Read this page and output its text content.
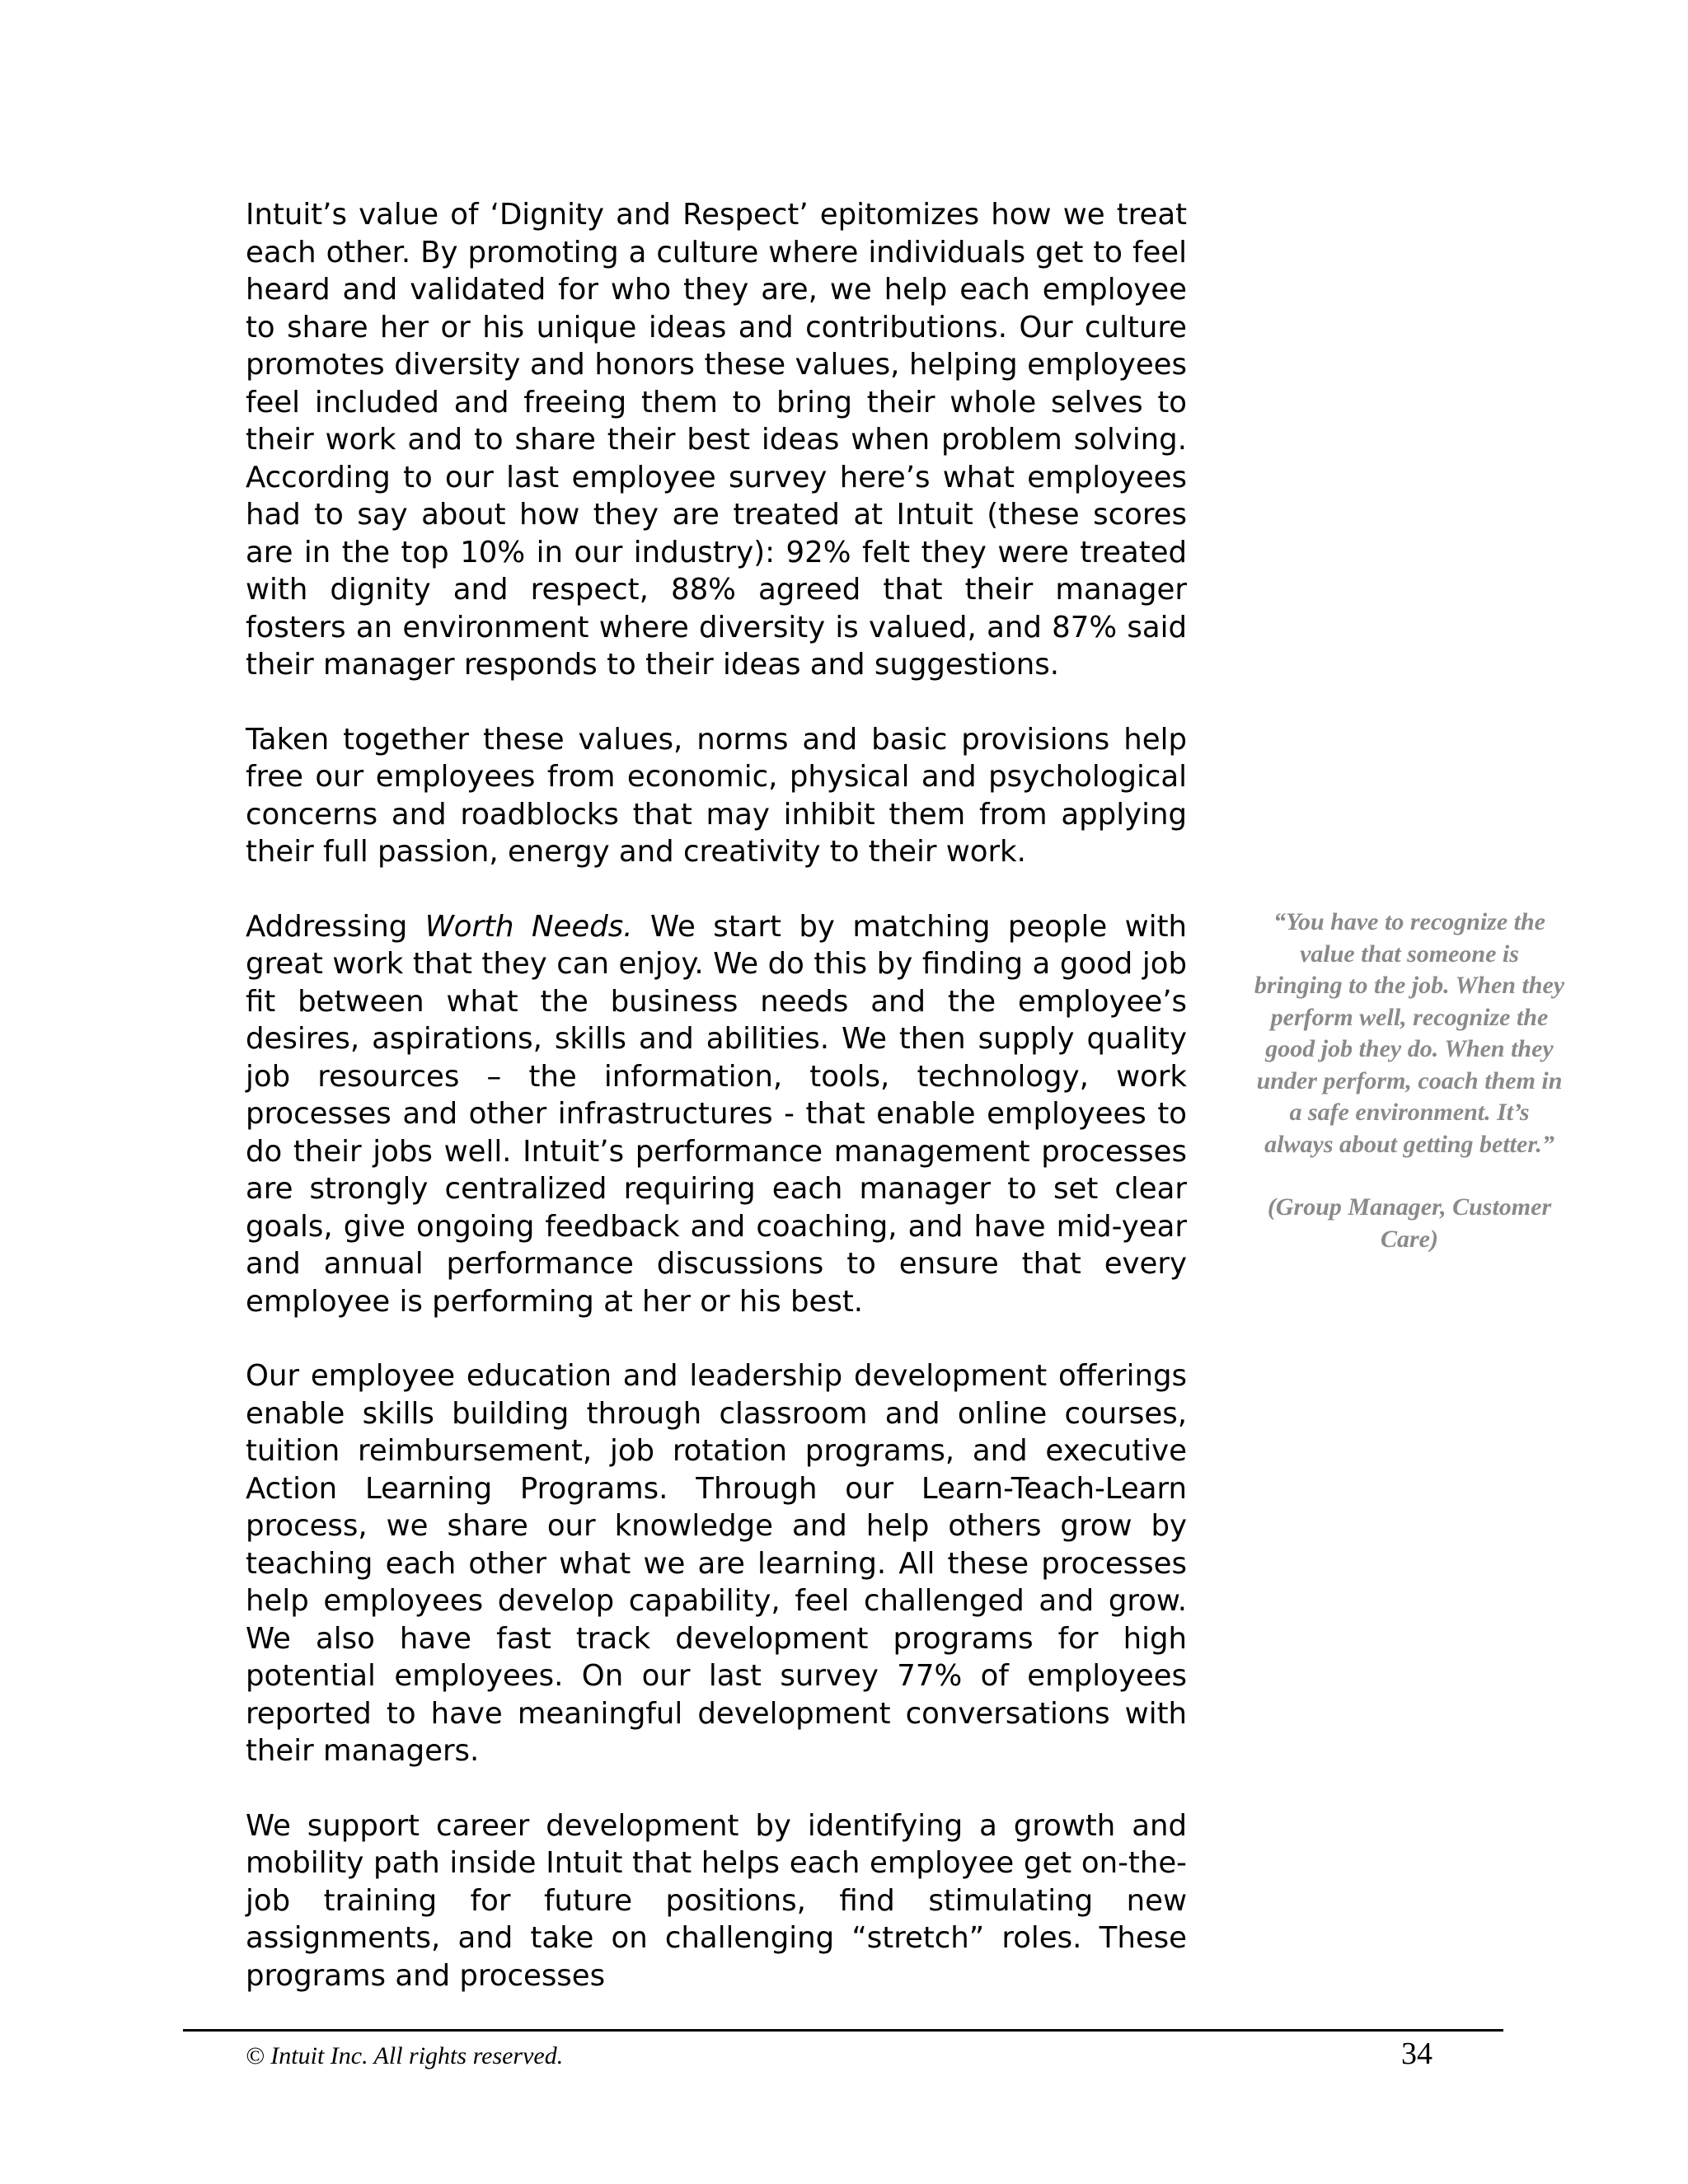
Intuit’s value of ‘Dignity and Respect’ epitomizes how we treat each other. By promoting a culture where individuals get to feel heard and validated for who they are, we help each employee to share her or his unique ideas and contributions. Our culture promotes diversity and honors these values, helping employees feel included and freeing them to bring their whole selves to their work and to share their best ideas when problem solving. According to our last employee survey here’s what employees had to say about how they are treated at Intuit (these scores are in the top 10% in our industry): 92% felt they were treated with dignity and respect, 88% agreed that their manager fosters an environment where diversity is valued, and 87% said their manager responds to their ideas and suggestions.

Taken together these values, norms and basic provisions help free our employees from economic, physical and psychological concerns and roadblocks that may inhibit them from applying their full passion, energy and creativity to their work.

Addressing Worth Needs. We start by matching people with great work that they can enjoy. We do this by finding a good job fit between what the business needs and the employee’s desires, aspirations, skills and abilities. We then supply quality job resources – the information, tools, technology, work processes and other infrastructures - that enable employees to do their jobs well. Intuit’s performance management processes are strongly centralized requiring each manager to set clear goals, give ongoing feedback and coaching, and have mid-year and annual performance discussions to ensure that every employee is performing at her or his best.

Our employee education and leadership development offerings enable skills building through classroom and online courses, tuition reimbursement, job rotation programs, and executive Action Learning Programs. Through our Learn-Teach-Learn process, we share our knowledge and help others grow by teaching each other what we are learning. All these processes help employees develop capability, feel challenged and grow. We also have fast track development programs for high potential employees. On our last survey 77% of employees reported to have meaningful development conversations with their managers.

We support career development by identifying a growth and mobility path inside Intuit that helps each employee get on-the-job training for future positions, find stimulating new assignments, and take on challenging “stretch” roles. These programs and processes

“You have to recognize the value that someone is bringing to the job. When they perform well, recognize the good job they do. When they under perform, coach them in a safe environment. It’s always about getting better.”

(Group Manager, Customer Care)

© Intuit Inc. All rights reserved.	34
